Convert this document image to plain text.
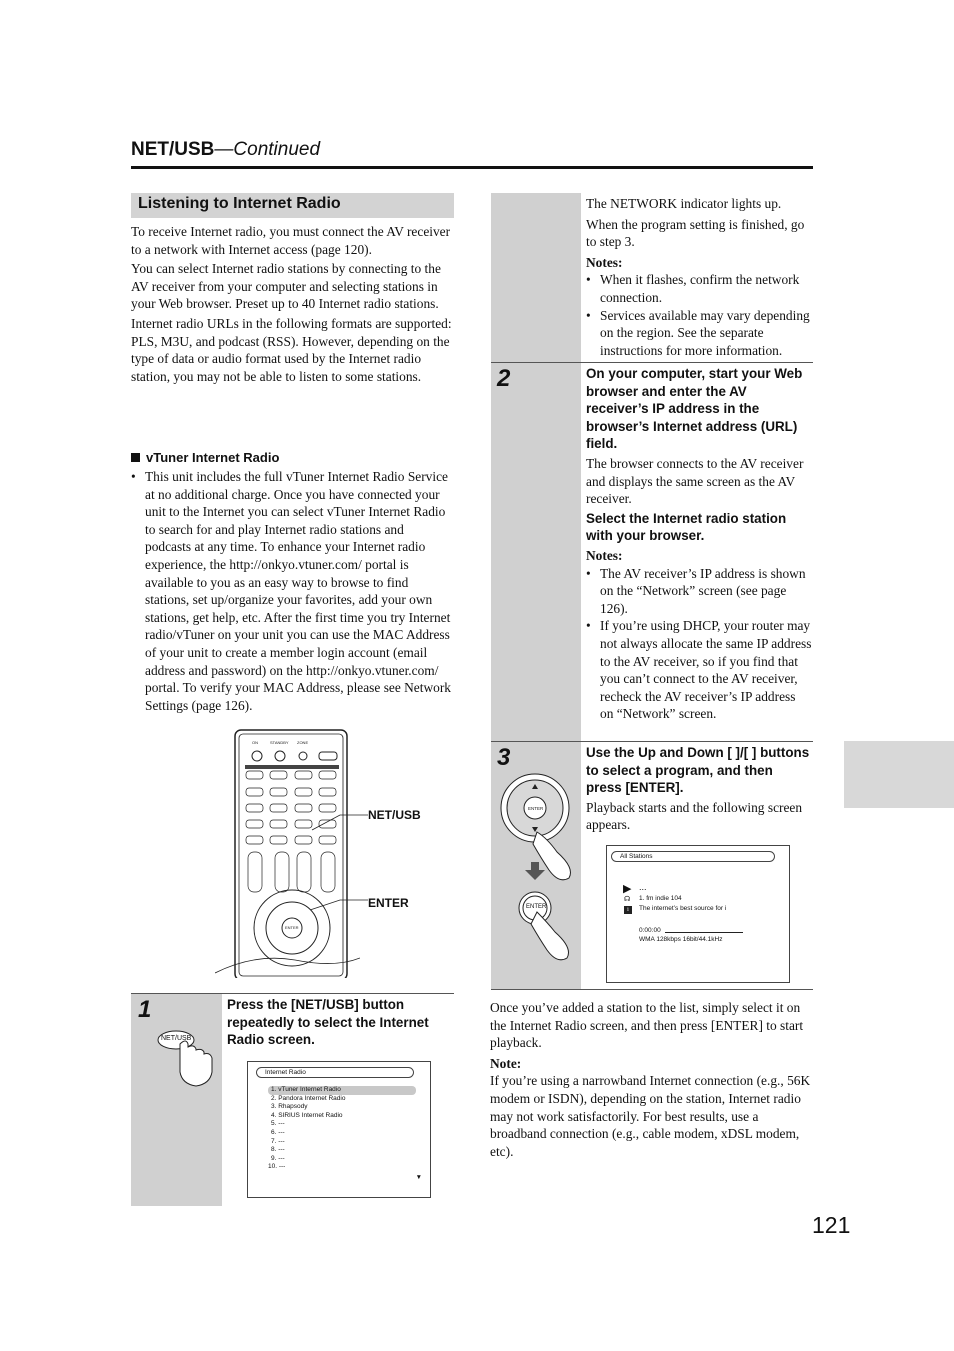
NET/USB—Continued
Listening to Internet Radio

To receive Internet radio, you must connect the AV receiver to a network with Internet access (page 120).

You can select Internet radio stations by connecting to the AV receiver from your computer and selecting stations in your Web browser. Preset up to 40 Internet radio stations.

Internet radio URLs in the following formats are supported: PLS, M3U, and podcast (RSS). However, depending on the type of data or audio format used by the Internet radio station, you may not be able to listen to some stations.

vTuner Internet Radio
• This unit includes the full vTuner Internet Radio Service at no additional charge. Once you have connected your unit to the Internet you can select vTuner Internet Radio to search for and play Internet radio stations and podcasts at any time. To enhance your Internet radio experience, the http://onkyo.vtuner.com/ portal is available to you as an easy way to browse to find stations, set up/organize your favorites, add your own stations, get help, etc. After the first time you try Internet radio/vTuner on your unit you can use the MAC Address of your unit to create a member login account (email address and password) on the http://onkyo.vtuner.com/ portal. To verify your MAC Address, please see Network Settings (page 126).
ON	STANDBY ZONE
ENTER
NET/USB
ENTER
1
NET/USB
Press the [NET/USB] button repeatedly to select the Internet Radio screen.
Internet Radio
1. vTuner Internet Radio
2. Pandora Internet Radio
3. Rhapsody
4. SIRIUS Internet Radio
5. ---
6. ---
7. ---
8. ---
9. ---
10. ---
▼

The NETWORK indicator lights up.

When the program setting is finished, go to step 3.

Notes:

• When it flashes, confirm the network connection.
• Services available may vary depending on the region. See the separate instructions for more information.
2	On your computer, start your Web browser and enter the AV receiver’s IP address in the browser’s Internet address (URL) field.

The browser connects to the AV receiver and displays the same screen as the AV receiver.

Select the Internet radio station with your browser.

Notes:

• The AV receiver’s IP address is shown on the “Network” screen (see page 126).
• If you’re using DHCP, your router may not always allocate the same IP address to the AV receiver, so if you find that you can’t connect to the AV receiver, recheck the AV receiver’s IP address on “Network” screen.
3
ENTER
ENTER
Use the Up and Down [ ]/[ ] buttons to select a program, and then press [ENTER].

Playback starts and the following screen appears.

All Stations
▶ ...
☊ 1. fm indie 104
i	The internet’s best source for i
0:00:00
WMA 128kbps 16bit/44.1kHz

Once you’ve added a station to the list, simply select it on the Internet Radio screen, and then press [ENTER] to start playback.

Note:

If you’re using a narrowband Internet connection (e.g., 56K modem or ISDN), depending on the station, Internet radio may not work satisfactorily. For best results, use a broadband connection (e.g., cable modem, xDSL modem, etc).

121
